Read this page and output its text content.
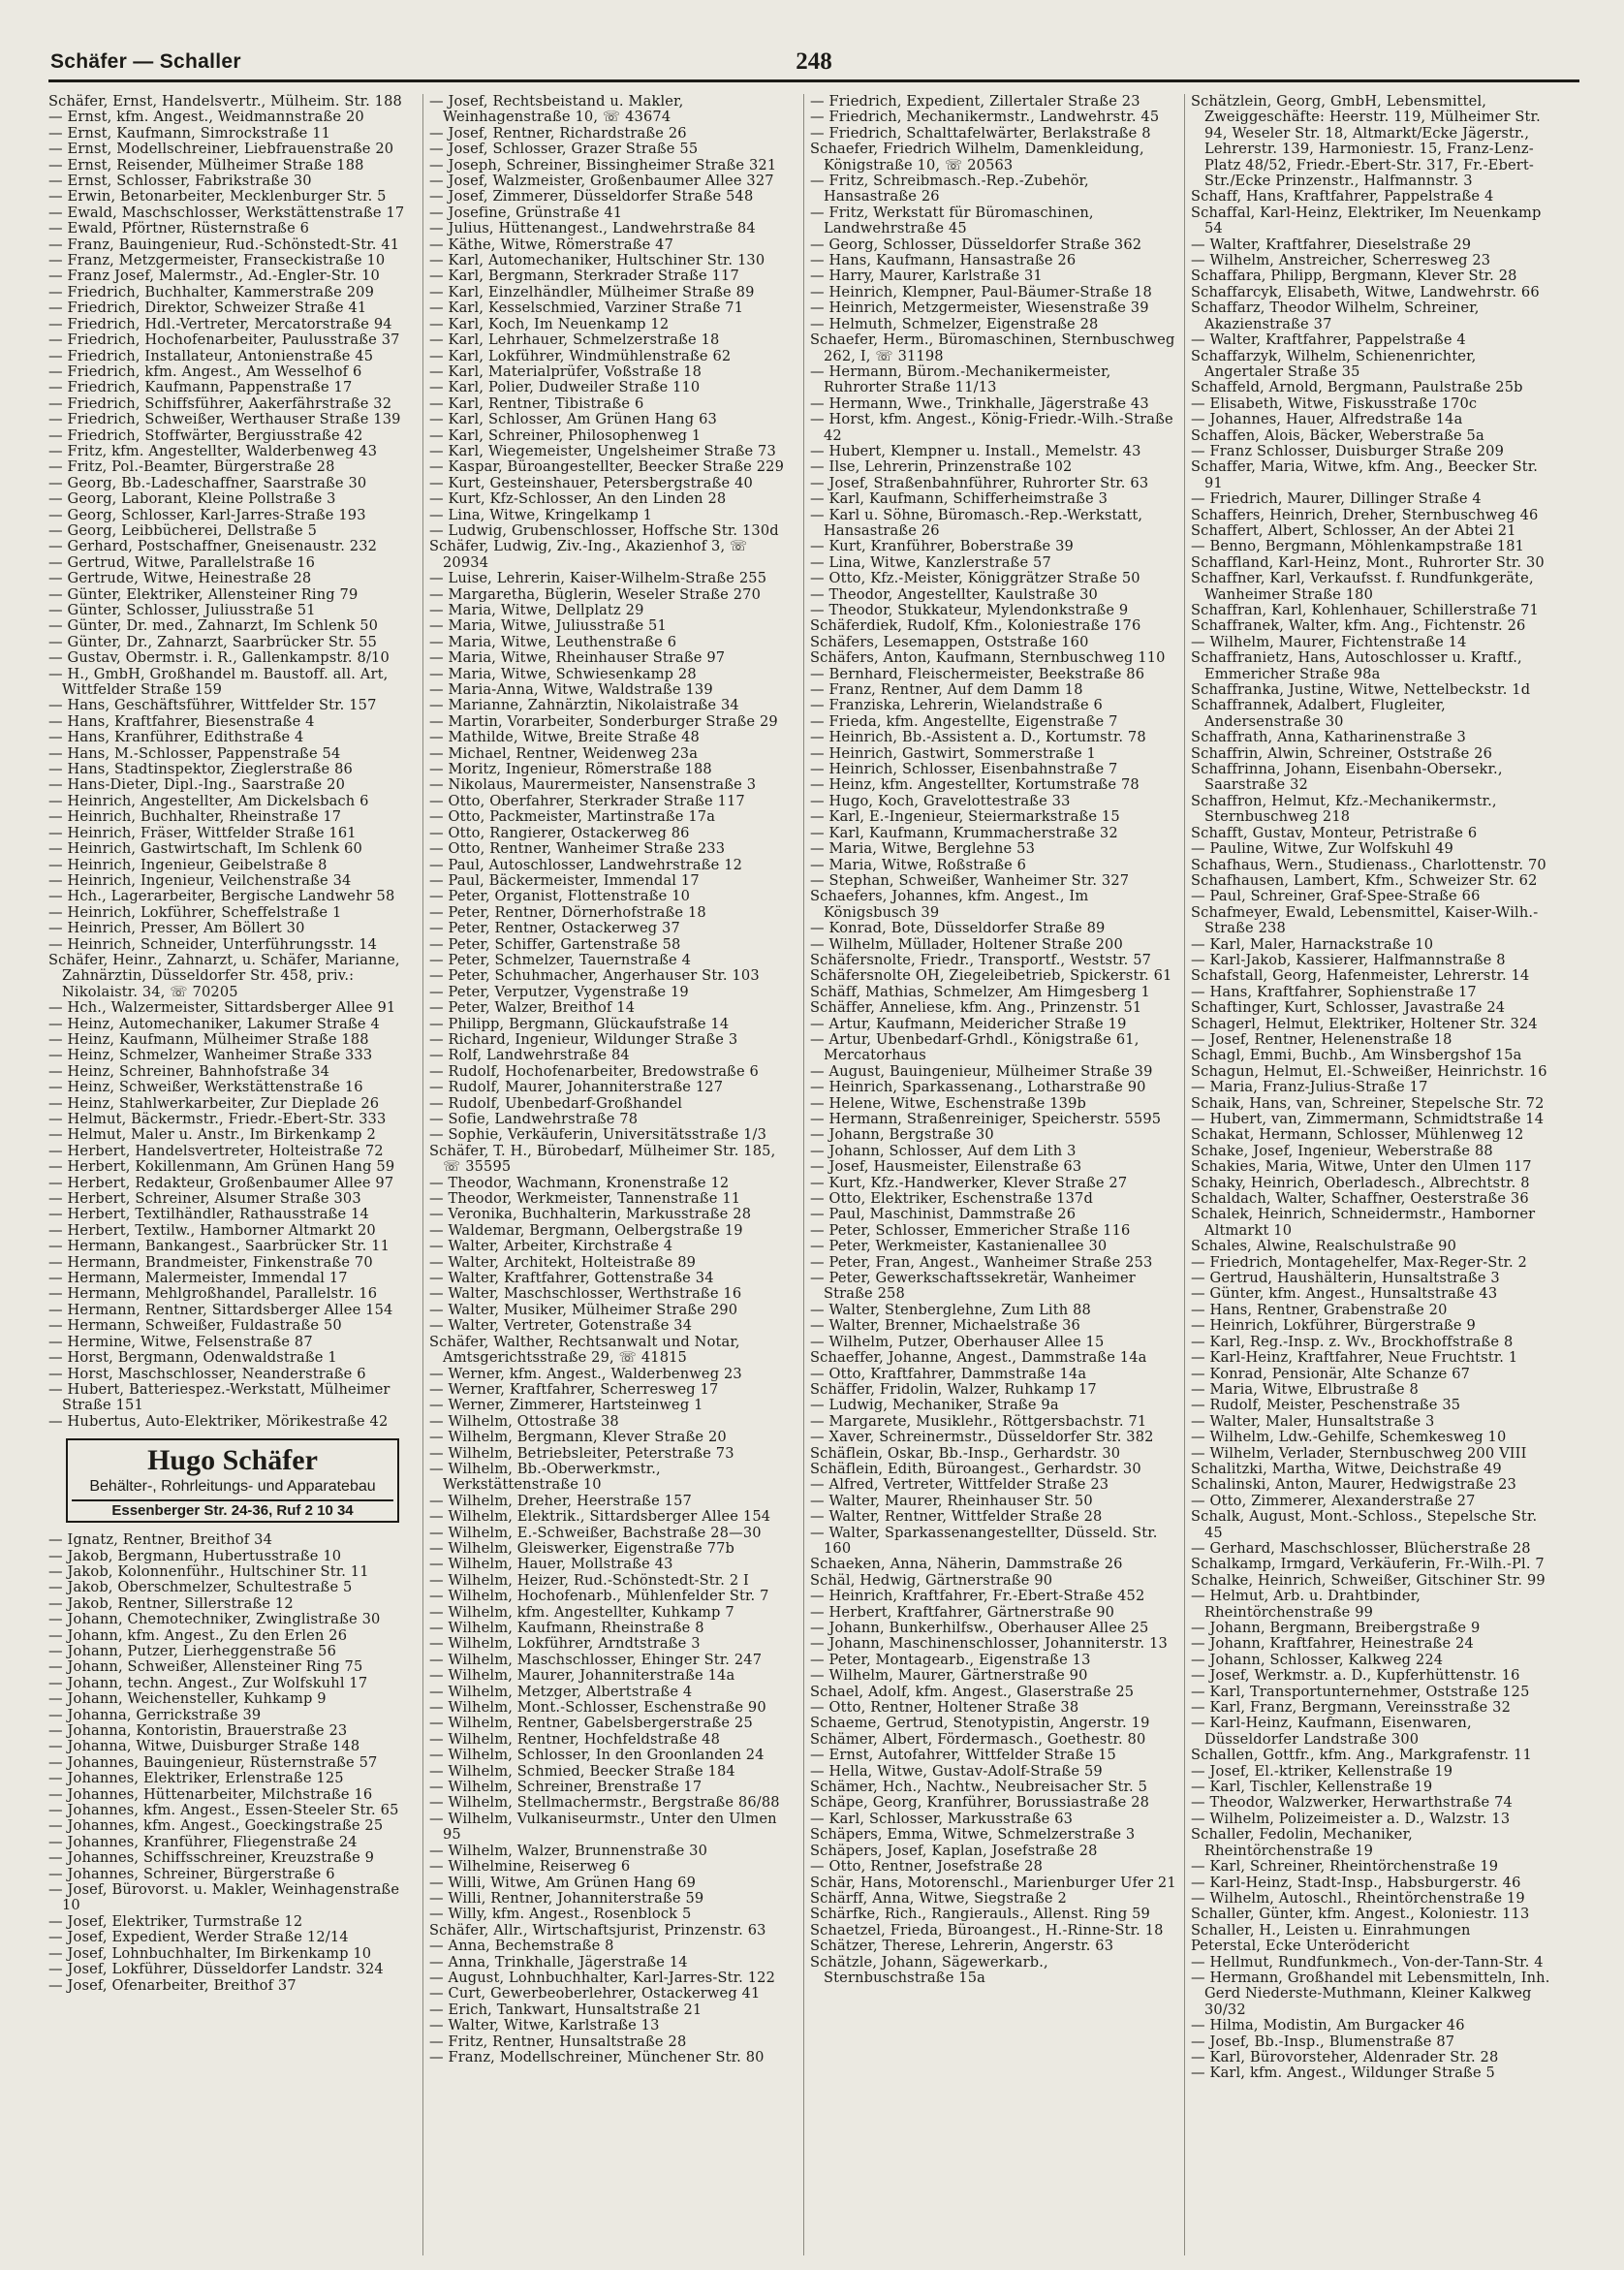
Schäfer — Schaller	248

Schäfer, Ernst, Handelsvertr., Mülheim. Str. 188

— Ernst, kfm. Angest., Weidmannstraße 20

— Ernst, Kaufmann, Simrockstraße 11

— Ernst, Modellschreiner, Liebfrauenstraße 20

— Ernst, Reisender, Mülheimer Straße 188

— Ernst, Schlosser, Fabrikstraße 30

— Erwin, Betonarbeiter, Mecklenburger Str. 5

— Ewald, Maschschlosser, Werkstättenstraße 17

— Ewald, Pförtner, Rüsternstraße 6

— Franz, Bauingenieur, Rud.-Schönstedt-Str. 41

— Franz, Metzgermeister, Franseckistraße 10

— Franz Josef, Malermstr., Ad.-Engler-Str. 10

— Friedrich, Buchhalter, Kammerstraße 209

— Friedrich, Direktor, Schweizer Straße 41

— Friedrich, Hdl.-Vertreter, Mercatorstraße 94

— Friedrich, Hochofenarbeiter, Paulusstraße 37

— Friedrich, Installateur, Antonienstraße 45

— Friedrich, kfm. Angest., Am Wesselhof 6

— Friedrich, Kaufmann, Pappenstraße 17

— Friedrich, Schiffsführer, Aakerfährstraße 32

— Friedrich, Schweißer, Werthauser Straße 139

— Friedrich, Stoffwärter, Bergiusstraße 42

— Fritz, kfm. Angestellter, Walderbenweg 43

— Fritz, Pol.-Beamter, Bürgerstraße 28

— Georg, Bb.-Ladeschaffner, Saarstraße 30

— Georg, Laborant, Kleine Pollstraße 3

— Georg, Schlosser, Karl-Jarres-Straße 193

— Georg, Leibbücherei, Dellstraße 5

— Gerhard, Postschaffner, Gneisenaustr. 232

— Gertrud, Witwe, Parallelstraße 16

— Gertrude, Witwe, Heinestraße 28

— Günter, Elektriker, Allensteiner Ring 79

— Günter, Schlosser, Juliusstraße 51

— Günter, Dr. med., Zahnarzt, Im Schlenk 50

— Günter, Dr., Zahnarzt, Saarbrücker Str. 55

— Gustav, Obermstr. i. R., Gallenkampstr. 8/10

— H., GmbH, Großhandel m. Baustoff. all. Art, Wittfelder Straße 159

— Hans, Geschäftsführer, Wittfelder Str. 157

— Hans, Kraftfahrer, Biesenstraße 4

— Hans, Kranführer, Edithstraße 4

— Hans, M.-Schlosser, Pappenstraße 54

— Hans, Stadtinspektor, Zieglerstraße 86

— Hans-Dieter, Dipl.-Ing., Saarstraße 20

— Heinrich, Angestellter, Am Dickelsbach 6

— Heinrich, Buchhalter, Rheinstraße 17

— Heinrich, Fräser, Wittfelder Straße 161

— Heinrich, Gastwirtschaft, Im Schlenk 60

— Heinrich, Ingenieur, Geibelstraße 8

— Heinrich, Ingenieur, Veilchenstraße 34

— Hch., Lagerarbeiter, Bergische Landwehr 58

— Heinrich, Lokführer, Scheffelstraße 1

— Heinrich, Presser, Am Böllert 30

— Heinrich, Schneider, Unterführungsstr. 14

Schäfer, Heinr., Zahnarzt, u. Schäfer, Marianne, Zahnärztin, Düsseldorfer Str. 458, priv.: Nikolaistr. 34, ☏ 70205

— Hch., Walzermeister, Sittardsberger Allee 91

— Heinz, Automechaniker, Lakumer Straße 4

— Heinz, Kaufmann, Mülheimer Straße 188

— Heinz, Schmelzer, Wanheimer Straße 333

— Heinz, Schreiner, Bahnhofstraße 34

— Heinz, Schweißer, Werkstättenstraße 16

— Heinz, Stahlwerkarbeiter, Zur Dieplade 26

— Helmut, Bäckermstr., Friedr.-Ebert-Str. 333

— Helmut, Maler u. Anstr., Im Birkenkamp 2

— Herbert, Handelsvertreter, Holteistraße 72

— Herbert, Kokillenmann, Am Grünen Hang 59

— Herbert, Redakteur, Großenbaumer Allee 97

— Herbert, Schreiner, Alsumer Straße 303

— Herbert, Textilhändler, Rathausstraße 14

— Herbert, Textilw., Hamborner Altmarkt 20

— Hermann, Bankangest., Saarbrücker Str. 11

— Hermann, Brandmeister, Finkenstraße 70

— Hermann, Malermeister, Immendal 17

— Hermann, Mehlgroßhandel, Parallelstr. 16

— Hermann, Rentner, Sittardsberger Allee 154

— Hermann, Schweißer, Fuldastraße 50

— Hermine, Witwe, Felsenstraße 87

— Horst, Bergmann, Odenwaldstraße 1

— Horst, Maschschlosser, Neanderstraße 6

— Hubert, Batteriespez.-Werkstatt, Mülheimer Straße 151

— Hubertus, Auto-Elektriker, Mörikestraße 42

Hugo Schäfer
Behälter-, Rohrleitungs- und Apparatebau
Essenberger Str. 24-36, Ruf 2 10 34

— Ignatz, Rentner, Breithof 34

— Jakob, Bergmann, Hubertusstraße 10

— Jakob, Kolonnenführ., Hultschiner Str. 11

— Jakob, Oberschmelzer, Schultestraße 5

— Jakob, Rentner, Sillerstraße 12

— Johann, Chemotechniker, Zwinglistraße 30

— Johann, kfm. Angest., Zu den Erlen 26

— Johann, Putzer, Lierheggenstraße 56

— Johann, Schweißer, Allensteiner Ring 75

— Johann, techn. Angest., Zur Wolfskuhl 17

— Johann, Weichensteller, Kuhkamp 9

— Johanna, Gerrickstraße 39

— Johanna, Kontoristin, Brauerstraße 23

— Johanna, Witwe, Duisburger Straße 148

— Johannes, Bauingenieur, Rüsternstraße 57

— Johannes, Elektriker, Erlenstraße 125

— Johannes, Hüttenarbeiter, Milchstraße 16

— Johannes, kfm. Angest., Essen-Steeler Str. 65

— Johannes, kfm. Angest., Goeckingstraße 25

— Johannes, Kranführer, Fliegenstraße 24

— Johannes, Schiffsschreiner, Kreuzstraße 9

— Johannes, Schreiner, Bürgerstraße 6

— Josef, Bürovorst. u. Makler, Weinhagenstraße 10

— Josef, Elektriker, Turmstraße 12

— Josef, Expedient, Werder Straße 12/14

— Josef, Lohnbuchhalter, Im Birkenkamp 10

— Josef, Lokführer, Düsseldorfer Landstr. 324

— Josef, Ofenarbeiter, Breithof 37

— Josef, Rechtsbeistand u. Makler, Weinhagenstraße 10, ☏ 43674

— Josef, Rentner, Richardstraße 26

— Josef, Schlosser, Grazer Straße 55

— Joseph, Schreiner, Bissingheimer Straße 321

— Josef, Walzmeister, Großenbaumer Allee 327

— Josef, Zimmerer, Düsseldorfer Straße 548

— Josefine, Grünstraße 41

— Julius, Hüttenangest., Landwehrstraße 84

— Käthe, Witwe, Römerstraße 47

— Karl, Automechaniker, Hultschiner Str. 130

— Karl, Bergmann, Sterkrader Straße 117

— Karl, Einzelhändler, Mülheimer Straße 89

— Karl, Kesselschmied, Varziner Straße 71

— Karl, Koch, Im Neuenkamp 12

— Karl, Lehrhauer, Schmelzerstraße 18

— Karl, Lokführer, Windmühlenstraße 62

— Karl, Materialprüfer, Voßstraße 18

— Karl, Polier, Dudweiler Straße 110

— Karl, Rentner, Tibistraße 6

— Karl, Schlosser, Am Grünen Hang 63

— Karl, Schreiner, Philosophenweg 1

— Karl, Wiegemeister, Ungelsheimer Straße 73

— Kaspar, Büroangestellter, Beecker Straße 229

— Kurt, Gesteinshauer, Petersbergstraße 40

— Kurt, Kfz-Schlosser, An den Linden 28

— Lina, Witwe, Kringelkamp 1

— Ludwig, Grubenschlosser, Hoffsche Str. 130d

Schäfer, Ludwig, Ziv.-Ing., Akazienhof 3, ☏ 20934

— Luise, Lehrerin, Kaiser-Wilhelm-Straße 255

— Margaretha, Büglerin, Weseler Straße 270

— Maria, Witwe, Dellplatz 29

— Maria, Witwe, Juliusstraße 51

— Maria, Witwe, Leuthenstraße 6

— Maria, Witwe, Rheinhauser Straße 97

— Maria, Witwe, Schwiesenkamp 28

— Maria-Anna, Witwe, Waldstraße 139

— Marianne, Zahnärztin, Nikolaistraße 34

— Martin, Vorarbeiter, Sonderburger Straße 29

— Mathilde, Witwe, Breite Straße 48

— Michael, Rentner, Weidenweg 23a

— Moritz, Ingenieur, Römerstraße 188

— Nikolaus, Maurermeister, Nansenstraße 3

— Otto, Oberfahrer, Sterkrader Straße 117

— Otto, Packmeister, Martinstraße 17a

— Otto, Rangierer, Ostackerweg 86

— Otto, Rentner, Wanheimer Straße 233

— Paul, Autoschlosser, Landwehrstraße 12

— Paul, Bäckermeister, Immendal 17

— Peter, Organist, Flottenstraße 10

— Peter, Rentner, Dörnerhofstraße 18

— Peter, Rentner, Ostackerweg 37

— Peter, Schiffer, Gartenstraße 58

— Peter, Schmelzer, Tauernstraße 4

— Peter, Schuhmacher, Angerhauser Str. 103

— Peter, Verputzer, Vygenstraße 19

— Peter, Walzer, Breithof 14

— Philipp, Bergmann, Glückaufstraße 14

— Richard, Ingenieur, Wildunger Straße 3

— Rolf, Landwehrstraße 84

— Rudolf, Hochofenarbeiter, Bredowstraße 6

— Rudolf, Maurer, Johanniterstraße 127

— Rudolf, Ubenbedarf-Großhandel

— Sofie, Landwehrstraße 78

— Sophie, Verkäuferin, Universitätsstraße 1/3

Schäfer, T. H., Bürobedarf, Mülheimer Str. 185, ☏ 35595

— Theodor, Wachmann, Kronenstraße 12

— Theodor, Werkmeister, Tannenstraße 11

— Veronika, Buchhalterin, Markusstraße 28

— Waldemar, Bergmann, Oelbergstraße 19

— Walter, Arbeiter, Kirchstraße 4

— Walter, Architekt, Holteistraße 89

— Walter, Kraftfahrer, Gottenstraße 34

— Walter, Maschschlosser, Werthstraße 16

— Walter, Musiker, Mülheimer Straße 290

— Walter, Vertreter, Gotenstraße 34

Schäfer, Walther, Rechtsanwalt und Notar, Amtsgerichtsstraße 29, ☏ 41815

— Werner, kfm. Angest., Walderbenweg 23

— Werner, Kraftfahrer, Scherresweg 17

— Werner, Zimmerer, Hartsteinweg 1

— Wilhelm, Ottostraße 38

— Wilhelm, Bergmann, Klever Straße 20

— Wilhelm, Betriebsleiter, Peterstraße 73

— Wilhelm, Bb.-Oberwerkmstr., Werkstättenstraße 10

— Wilhelm, Dreher, Heerstraße 157

— Wilhelm, Elektrik., Sittardsberger Allee 154

— Wilhelm, E.-Schweißer, Bachstraße 28—30

— Wilhelm, Gleiswerker, Eigenstraße 77b

— Wilhelm, Hauer, Mollstraße 43

— Wilhelm, Heizer, Rud.-Schönstedt-Str. 2 I

— Wilhelm, Hochofenarb., Mühlenfelder Str. 7

— Wilhelm, kfm. Angestellter, Kuhkamp 7

— Wilhelm, Kaufmann, Rheinstraße 8

— Wilhelm, Lokführer, Arndtstraße 3

— Wilhelm, Maschschlosser, Ehinger Str. 247

— Wilhelm, Maurer, Johanniterstraße 14a

— Wilhelm, Metzger, Albertstraße 4

— Wilhelm, Mont.-Schlosser, Eschenstraße 90

— Wilhelm, Rentner, Gabelsbergerstraße 25

— Wilhelm, Rentner, Hochfeldstraße 48

— Wilhelm, Schlosser, In den Groonlanden 24

— Wilhelm, Schmied, Beecker Straße 184

— Wilhelm, Schreiner, Brenstraße 17

— Wilhelm, Stellmachermstr., Bergstraße 86/88

— Wilhelm, Vulkaniseurmstr., Unter den Ulmen 95

— Wilhelm, Walzer, Brunnenstraße 30

— Wilhelmine, Reiserweg 6

— Willi, Witwe, Am Grünen Hang 69

— Willi, Rentner, Johanniterstraße 59

— Willy, kfm. Angest., Rosenblock 5

Schäfer, Allr., Wirtschaftsjurist, Prinzenstr. 63

— Anna, Bechemstraße 8

— Anna, Trinkhalle, Jägerstraße 14

— August, Lohnbuchhalter, Karl-Jarres-Str. 122

— Curt, Gewerbeoberlehrer, Ostackerweg 41

— Erich, Tankwart, Hunsaltstraße 21

— Walter, Witwe, Karlstraße 13

— Fritz, Rentner, Hunsaltstraße 28

— Franz, Modellschreiner, Münchener Str. 80

— Friedrich, Expedient, Zillertaler Straße 23

— Friedrich, Mechanikermstr., Landwehrstr. 45

— Friedrich, Schalttafelwärter, Berlakstraße 8

Schaefer, Friedrich Wilhelm, Damenkleidung, Königstraße 10, ☏ 20563

— Fritz, Schreibmasch.-Rep.-Zubehör, Hansastraße 26

— Fritz, Werkstatt für Büromaschinen, Landwehrstraße 45

— Georg, Schlosser, Düsseldorfer Straße 362

— Hans, Kaufmann, Hansastraße 26

— Harry, Maurer, Karlstraße 31

— Heinrich, Klempner, Paul-Bäumer-Straße 18

— Heinrich, Metzgermeister, Wiesenstraße 39

— Helmuth, Schmelzer, Eigenstraße 28

Schaefer, Herm., Büromaschinen, Sternbuschweg 262, I, ☏ 31198

— Hermann, Bürom.-Mechanikermeister, Ruhrorter Straße 11/13

— Hermann, Wwe., Trinkhalle, Jägerstraße 43

— Horst, kfm. Angest., König-Friedr.-Wilh.-Straße 42

— Hubert, Klempner u. Install., Memelstr. 43

— Ilse, Lehrerin, Prinzenstraße 102

— Josef, Straßenbahnführer, Ruhrorter Str. 63

— Karl, Kaufmann, Schifferheimstraße 3

— Karl u. Söhne, Büromasch.-Rep.-Werkstatt, Hansastraße 26

— Kurt, Kranführer, Boberstraße 39

— Lina, Witwe, Kanzlerstraße 57

— Otto, Kfz.-Meister, Königgrätzer Straße 50

— Theodor, Angestellter, Kaulstraße 30

— Theodor, Stukkateur, Mylendonkstraße 9

Schäferdiek, Rudolf, Kfm., Koloniestraße 176

Schäfers, Lesemappen, Oststraße 160

Schäfers, Anton, Kaufmann, Sternbuschweg 110

— Bernhard, Fleischermeister, Beekstraße 86

— Franz, Rentner, Auf dem Damm 18

— Franziska, Lehrerin, Wielandstraße 6

— Frieda, kfm. Angestellte, Eigenstraße 7

— Heinrich, Bb.-Assistent a. D., Kortumstr. 78

— Heinrich, Gastwirt, Sommerstraße 1

— Heinrich, Schlosser, Eisenbahnstraße 7

— Heinz, kfm. Angestellter, Kortumstraße 78

— Hugo, Koch, Gravelottestraße 33

— Karl, E.-Ingenieur, Steiermarkstraße 15

— Karl, Kaufmann, Krummacherstraße 32

— Maria, Witwe, Berglehne 53

— Maria, Witwe, Roßstraße 6

— Stephan, Schweißer, Wanheimer Str. 327

Schaefers, Johannes, kfm. Angest., Im Königsbusch 39

— Konrad, Bote, Düsseldorfer Straße 89

— Wilhelm, Müllader, Holtener Straße 200

Schäfersnolte, Friedr., Transportf., Weststr. 57

Schäfersnolte OH, Ziegeleibetrieb, Spickerstr. 61

Schäff, Mathias, Schmelzer, Am Himgesberg 1

Schäffer, Anneliese, kfm. Ang., Prinzenstr. 51

— Artur, Kaufmann, Meidericher Straße 19

— Artur, Ubenbedarf-Grhdl., Königstraße 61, Mercatorhaus

— August, Bauingenieur, Mülheimer Straße 39

— Heinrich, Sparkassenang., Lotharstraße 90

— Helene, Witwe, Eschenstraße 139b

— Hermann, Straßenreiniger, Speicherstr. 5595

— Johann, Bergstraße 30

— Johann, Schlosser, Auf dem Lith 3

— Josef, Hausmeister, Eilenstraße 63

— Kurt, Kfz.-Handwerker, Klever Straße 27

— Otto, Elektriker, Eschenstraße 137d

— Paul, Maschinist, Dammstraße 26

— Peter, Schlosser, Emmericher Straße 116

— Peter, Werkmeister, Kastanienallee 30

— Peter, Fran, Angest., Wanheimer Straße 253

— Peter, Gewerkschaftssekretär, Wanheimer Straße 258

— Walter, Stenberglehne, Zum Lith 88

— Walter, Brenner, Michaelstraße 36

— Wilhelm, Putzer, Oberhauser Allee 15

Schaeffer, Johanne, Angest., Dammstraße 14a

— Otto, Kraftfahrer, Dammstraße 14a

Schäffer, Fridolin, Walzer, Ruhkamp 17

— Ludwig, Mechaniker, Straße 9a

— Margarete, Musiklehr., Röttgersbachstr. 71

— Xaver, Schreinermstr., Düsseldorfer Str. 382

Schäflein, Oskar, Bb.-Insp., Gerhardstr. 30

Schäflein, Edith, Büroangest., Gerhardstr. 30

— Alfred, Vertreter, Wittfelder Straße 23

— Walter, Maurer, Rheinhauser Str. 50

— Walter, Rentner, Wittfelder Straße 28

— Walter, Sparkassenangestellter, Düsseld. Str. 160

Schaeken, Anna, Näherin, Dammstraße 26

Schäl, Hedwig, Gärtnerstraße 90

— Heinrich, Kraftfahrer, Fr.-Ebert-Straße 452

— Herbert, Kraftfahrer, Gärtnerstraße 90

— Johann, Bunkerhilfsw., Oberhauser Allee 25

— Johann, Maschinenschlosser, Johanniterstr. 13

— Peter, Montagearb., Eigenstraße 13

— Wilhelm, Maurer, Gärtnerstraße 90

Schael, Adolf, kfm. Angest., Glaserstraße 25

— Otto, Rentner, Holtener Straße 38

Schaeme, Gertrud, Stenotypistin, Angerstr. 19

Schämer, Albert, Fördermasch., Goethestr. 80

— Ernst, Autofahrer, Wittfelder Straße 15

— Hella, Witwe, Gustav-Adolf-Straße 59

Schämer, Hch., Nachtw., Neubreisacher Str. 5

Schäpe, Georg, Kranführer, Borussiastraße 28

— Karl, Schlosser, Markusstraße 63

Schäpers, Emma, Witwe, Schmelzerstraße 3

Schäpers, Josef, Kaplan, Josefstraße 28

— Otto, Rentner, Josefstraße 28

Schär, Hans, Motorenschl., Marienburger Ufer 21

Schärff, Anna, Witwe, Siegstraße 2

Schärfke, Rich., Rangierauls., Allenst. Ring 59

Schaetzel, Frieda, Büroangest., H.-Rinne-Str. 18

Schätzer, Therese, Lehrerin, Angerstr. 63

Schätzle, Johann, Sägewerkarb., Sternbuschstraße 15a

Schätzlein, Georg, GmbH, Lebensmittel, Zweiggeschäfte: Heerstr. 119, Mülheimer Str. 94, Weseler Str. 18, Altmarkt/Ecke Jägerstr., Lehrerstr. 139, Harmoniestr. 15, Franz-Lenz-Platz 48/52, Friedr.-Ebert-Str. 317, Fr.-Ebert-Str./Ecke Prinzenstr., Halfmannstr. 3

Schaff, Hans, Kraftfahrer, Pappelstraße 4

Schaffal, Karl-Heinz, Elektriker, Im Neuenkamp 54

— Walter, Kraftfahrer, Dieselstraße 29

— Wilhelm, Anstreicher, Scherresweg 23

Schaffara, Philipp, Bergmann, Klever Str. 28

Schaffarcyk, Elisabeth, Witwe, Landwehrstr. 66

Schaffarz, Theodor Wilhelm, Schreiner, Akazienstraße 37

— Walter, Kraftfahrer, Pappelstraße 4

Schaffarzyk, Wilhelm, Schienenrichter, Angertaler Straße 35

Schaffeld, Arnold, Bergmann, Paulstraße 25b

— Elisabeth, Witwe, Fiskusstraße 170c

— Johannes, Hauer, Alfredstraße 14a

Schaffen, Alois, Bäcker, Weberstraße 5a

— Franz Schlosser, Duisburger Straße 209

Schaffer, Maria, Witwe, kfm. Ang., Beecker Str. 91

— Friedrich, Maurer, Dillinger Straße 4

Schaffers, Heinrich, Dreher, Sternbuschweg 46

Schaffert, Albert, Schlosser, An der Abtei 21

— Benno, Bergmann, Möhlenkampstraße 181

Schaffland, Karl-Heinz, Mont., Ruhrorter Str. 30

Schaffner, Karl, Verkaufsst. f. Rundfunkgeräte, Wanheimer Straße 180

Schaffran, Karl, Kohlenhauer, Schillerstraße 71

Schaffranek, Walter, kfm. Ang., Fichtenstr. 26

— Wilhelm, Maurer, Fichtenstraße 14

Schaffranietz, Hans, Autoschlosser u. Kraftf., Emmericher Straße 98a

Schaffranka, Justine, Witwe, Nettelbeckstr. 1d

Schaffrannek, Adalbert, Flugleiter, Andersenstraße 30

Schaffrath, Anna, Katharinenstraße 3

Schaffrin, Alwin, Schreiner, Oststraße 26

Schaffrinna, Johann, Eisenbahn-Obersekr., Saarstraße 32

Schaffron, Helmut, Kfz.-Mechanikermstr., Sternbuschweg 218

Schafft, Gustav, Monteur, Petristraße 6

— Pauline, Witwe, Zur Wolfskuhl 49

Schafhaus, Wern., Studienass., Charlottenstr. 70

Schafhausen, Lambert, Kfm., Schweizer Str. 62

— Paul, Schreiner, Graf-Spee-Straße 66

Schafmeyer, Ewald, Lebensmittel, Kaiser-Wilh.-Straße 238

— Karl, Maler, Harnackstraße 10

— Karl-Jakob, Kassierer, Halfmannstraße 8

Schafstall, Georg, Hafenmeister, Lehrerstr. 14

— Hans, Kraftfahrer, Sophienstraße 17

Schaftinger, Kurt, Schlosser, Javastraße 24

Schagerl, Helmut, Elektriker, Holtener Str. 324

— Josef, Rentner, Helenenstraße 18

Schagl, Emmi, Buchb., Am Winsbergshof 15a

Schagun, Helmut, El.-Schweißer, Heinrichstr. 16

— Maria, Franz-Julius-Straße 17

Schaik, Hans, van, Schreiner, Stepelsche Str. 72

— Hubert, van, Zimmermann, Schmidtstraße 14

Schakat, Hermann, Schlosser, Mühlenweg 12

Schake, Josef, Ingenieur, Weberstraße 88

Schakies, Maria, Witwe, Unter den Ulmen 117

Schaky, Heinrich, Oberladesch., Albrechtstr. 8

Schaldach, Walter, Schaffner, Oesterstraße 36

Schalek, Heinrich, Schneidermstr., Hamborner Altmarkt 10

Schales, Alwine, Realschulstraße 90

— Friedrich, Montagehelfer, Max-Reger-Str. 2

— Gertrud, Haushälterin, Hunsaltstraße 3

— Günter, kfm. Angest., Hunsaltstraße 43

— Hans, Rentner, Grabenstraße 20

— Heinrich, Lokführer, Bürgerstraße 9

— Karl, Reg.-Insp. z. Wv., Brockhoffstraße 8

— Karl-Heinz, Kraftfahrer, Neue Fruchtstr. 1

— Konrad, Pensionär, Alte Schanze 67

— Maria, Witwe, Elbrustraße 8

— Rudolf, Meister, Peschenstraße 35

— Walter, Maler, Hunsaltstraße 3

— Wilhelm, Ldw.-Gehilfe, Schemkesweg 10

— Wilhelm, Verlader, Sternbuschweg 200 VIII

Schalitzki, Martha, Witwe, Deichstraße 49

Schalinski, Anton, Maurer, Hedwigstraße 23

— Otto, Zimmerer, Alexanderstraße 27

Schalk, August, Mont.-Schloss., Stepelsche Str. 45

— Gerhard, Maschschlosser, Blücherstraße 28

Schalkamp, Irmgard, Verkäuferin, Fr.-Wilh.-Pl. 7

Schalke, Heinrich, Schweißer, Gitschiner Str. 99

— Helmut, Arb. u. Drahtbinder, Rheintörchenstraße 99

— Johann, Bergmann, Breibergstraße 9

— Johann, Kraftfahrer, Heinestraße 24

— Johann, Schlosser, Kalkweg 224

— Josef, Werkmstr. a. D., Kupferhüttenstr. 16

— Karl, Transportunternehmer, Oststraße 125

— Karl, Franz, Bergmann, Vereinsstraße 32

— Karl-Heinz, Kaufmann, Eisenwaren, Düsseldorfer Landstraße 300

Schallen, Gottfr., kfm. Ang., Markgrafenstr. 11

— Josef, El.-ktriker, Kellenstraße 19

— Karl, Tischler, Kellenstraße 19

— Theodor, Walzwerker, Herwarthstraße 74

— Wilhelm, Polizeimeister a. D., Walzstr. 13

Schaller, Fedolin, Mechaniker, Rheintörchenstraße 19

— Karl, Schreiner, Rheintörchenstraße 19

— Karl-Heinz, Stadt-Insp., Habsburgerstr. 46

— Wilhelm, Autoschl., Rheintörchenstraße 19

Schaller, Günter, kfm. Angest., Koloniestr. 113

Schaller, H., Leisten u. Einrahmungen

Peterstal, Ecke Unterödericht

— Hellmut, Rundfunkmech., Von-der-Tann-Str. 4

— Hermann, Großhandel mit Lebensmitteln, Inh. Gerd Niederste-Muthmann, Kleiner Kalkweg 30/32

— Hilma, Modistin, Am Burgacker 46

— Josef, Bb.-Insp., Blumenstraße 87

— Karl, Bürovorsteher, Aldenrader Str. 28

— Karl, kfm. Angest., Wildunger Straße 5
